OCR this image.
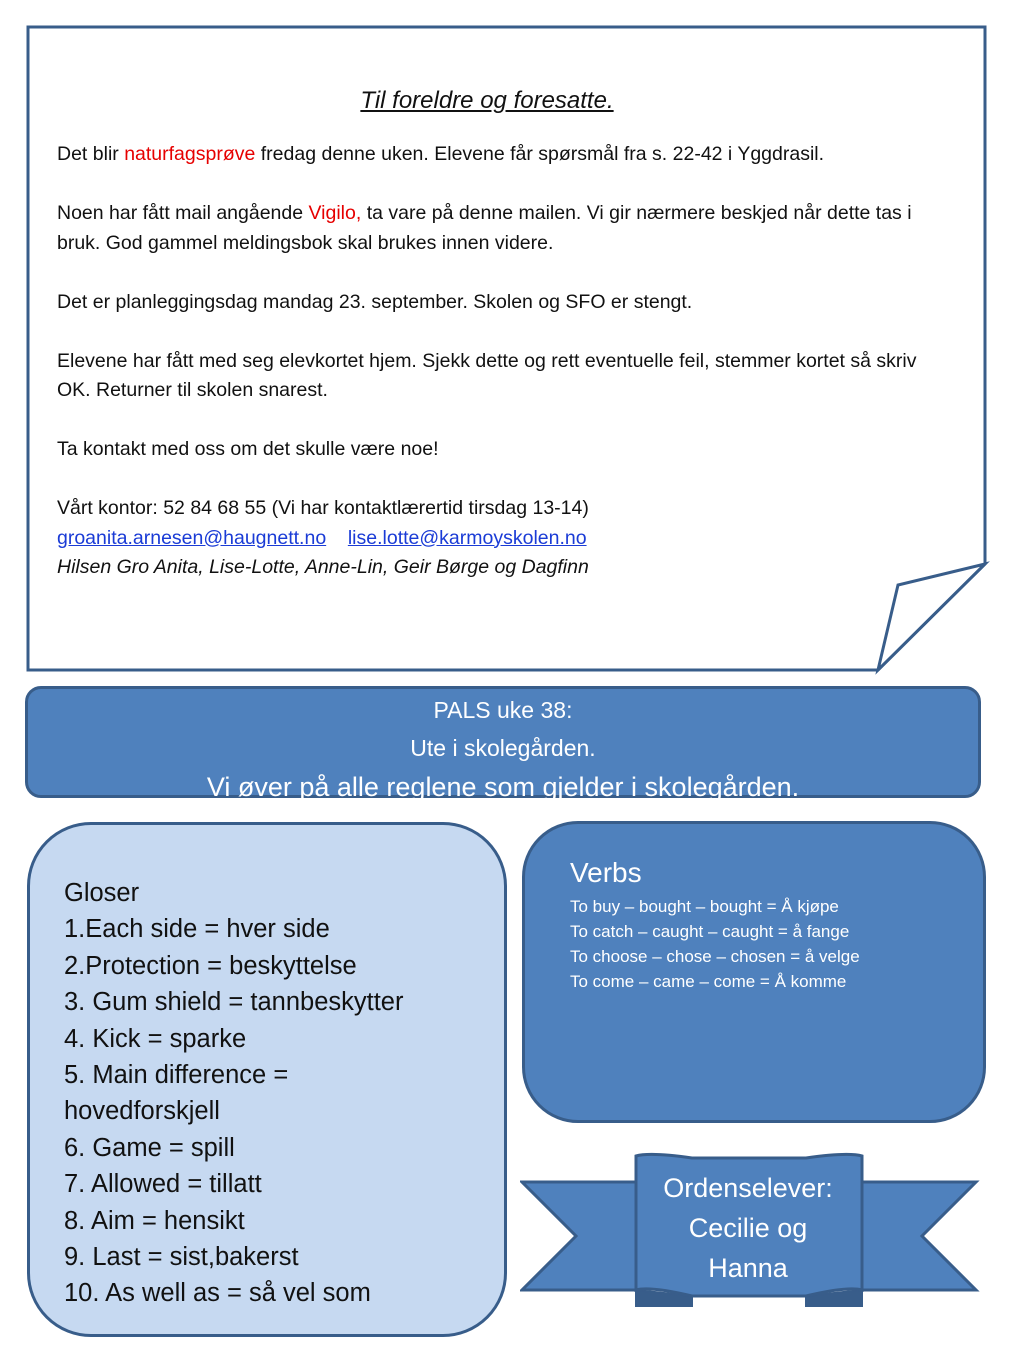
Til foreldre og foresatte.

Det blir naturfagsprøve fredag denne uken. Elevene får spørsmål fra s. 22-42 i Yggdrasil.

Noen har fått mail angående Vigilo, ta vare på denne mailen. Vi gir nærmere beskjed når dette tas i bruk. God gammel meldingsbok skal brukes innen videre.

Det er planleggingsdag mandag 23. september. Skolen og SFO er stengt.

Elevene har fått med seg elevkortet hjem. Sjekk dette og rett eventuelle feil, stemmer kortet så skriv OK. Returner til skolen snarest.

Ta kontakt med oss om det skulle være noe!

Vårt kontor: 52 84 68 55 (Vi har kontaktlærertid tirsdag 13-14)

groanita.arnesen@haugnett.no lise.lotte@karmoyskolen.no

Hilsen Gro Anita, Lise-Lotte, Anne-Lin, Geir Børge og Dagfinn

PALS uke 38:
Ute i skolegården.
Vi øver på alle reglene som gjelder i skolegården.
Gloser
1.Each side = hver side
2.Protection = beskyttelse
3. Gum shield = tannbeskytter
4. Kick = sparke
5. Main difference =
hovedforskjell
6. Game = spill
7. Allowed = tillatt
8. Aim = hensikt
9. Last = sist,bakerst
10. As well as = så vel som
Verbs
To buy – bought – bought = Å kjøpe
To catch – caught – caught = å fange
To choose – chose – chosen = å velge
To come – came – come = Å komme
Ordenselever:
Cecilie og
Hanna
